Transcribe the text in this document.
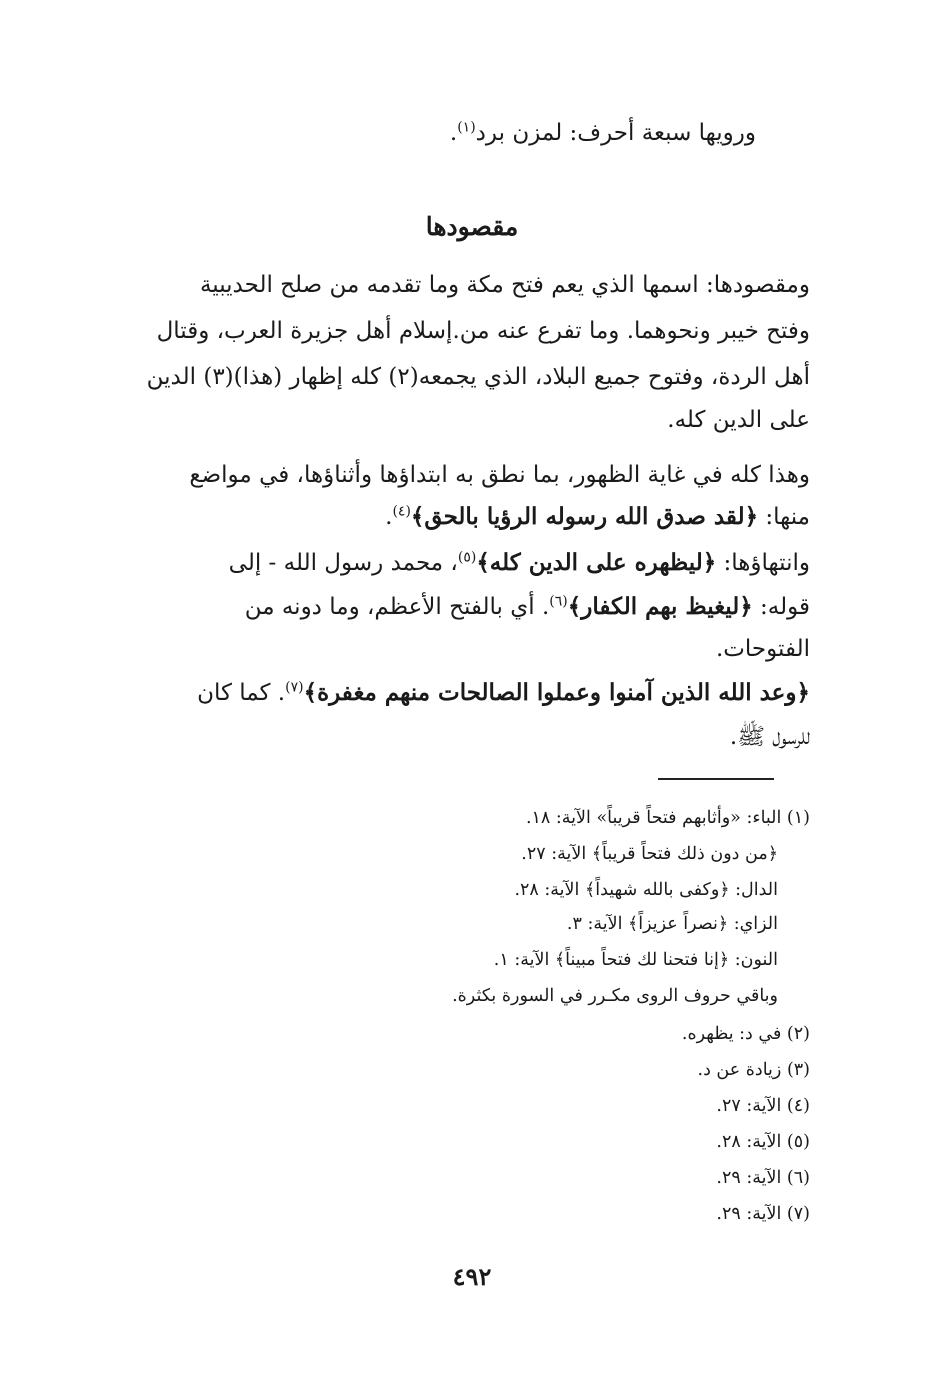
ورويها سبعة أحرف: لمزن برد$^{(١)}$.
مقصودها
ومقصودها: اسمها الذي يعم فتح مكة وما تقدمه من صلح الحديبية
وفتح خيبر ونحوهما. وما تفرع عنه من.إسلام أهل جزيرة العرب، وقتال
أهل الردة، وفتوح جميع البلاد، الذي يجمعه(٢) كله إظهار (هذا)(٣) الدين
على الدين كله.
وهذا كله في غاية الظهور، بما نطق به ابتداؤها وأثناؤها، في مواضع
منها: ﴿لقد صدق الله رسوله الرؤيا بالحق﴾$^{(٤)}$.
وانتهاؤها: ﴿ليظهره على الدين كله﴾$^{(٥)}$، محمد رسول الله - إلى
قوله: ﴿ليغيظ بهم الكفار﴾$^{(٦)}$. أي بالفتح الأعظم، وما دونه من
الفتوحات.
﴿وعد الله الذين آمنوا وعملوا الصالحات منهم مغفرة﴾$^{(٧)}$. كما كان
للرسول ﷺ.
(١) الباء: «وأثابهم فتحاً قريباً» الآية: ١٨.
﴿من دون ذلك فتحاً قريباً﴾ الآية: ٢٧.
الدال: ﴿وكفى بالله شهيداً﴾ الآية: ٢٨.
الزاي: ﴿نصراً عزيزاً﴾ الآية: ٣.
النون: ﴿إنا فتحنا لك فتحاً مبيناً﴾ الآية: ١.
وباقي حروف الروى مكـرر في السورة بكثرة.
(٢) في د: يظهره.
(٣) زيادة عن د.
(٤) الآية: ٢٧.
(٥) الآية: ٢٨.
(٦) الآية: ٢٩.
(٧) الآية: ٢٩.
٤٩٢
